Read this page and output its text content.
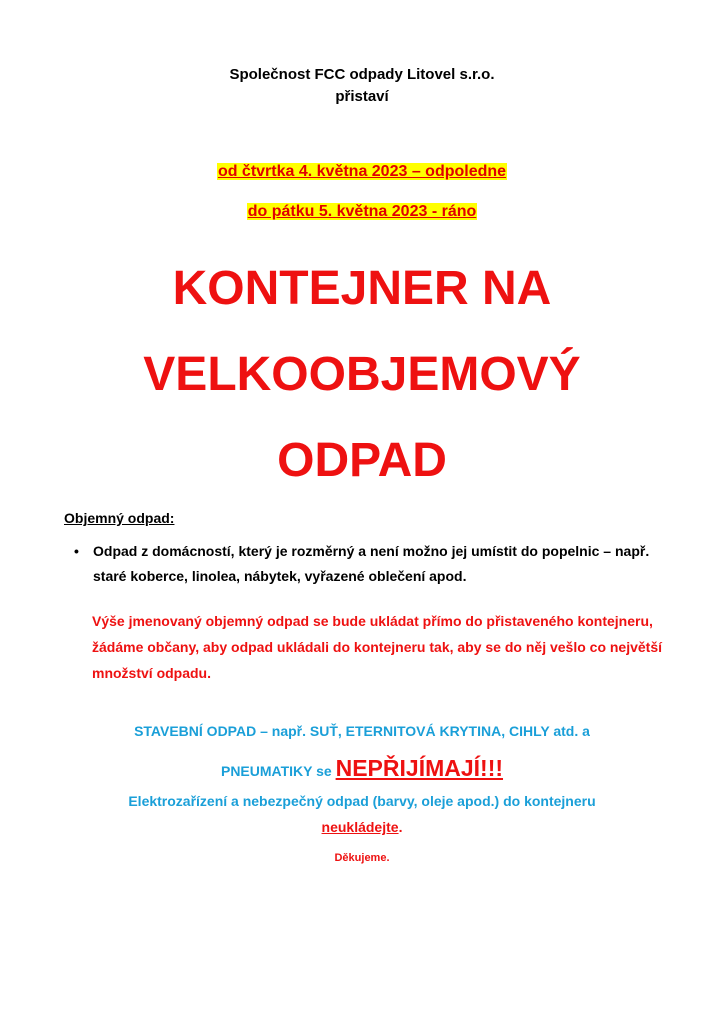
Společnost FCC odpady Litovel s.r.o.
přistaví
od čtvrtka 4. května 2023 – odpoledne
do pátku 5. května 2023 - ráno
KONTEJNER NA
VELKOOBJEMOVÝ
ODPAD
Objemný odpad:
• Odpad z domácností, který je rozměrný a není možno jej umístit do popelnic – např. staré koberce, linolea, nábytek, vyřazené oblečení apod.
Výše jmenovaný objemný odpad se bude ukládat přímo do přistaveného kontejneru, žádáme občany, aby odpad ukládali do kontejneru tak, aby se do něj vešlo co největší množství odpadu.
STAVEBNÍ ODPAD – např. SUŤ, ETERNITOVÁ KRYTINA, CIHLY atd. a
PNEUMATIKY se NEPŘIJÍMAJÍ!!!
Elektrozařízení a nebezpečný odpad (barvy, oleje apod.) do kontejneru
neukládejte.
Děkujeme.
